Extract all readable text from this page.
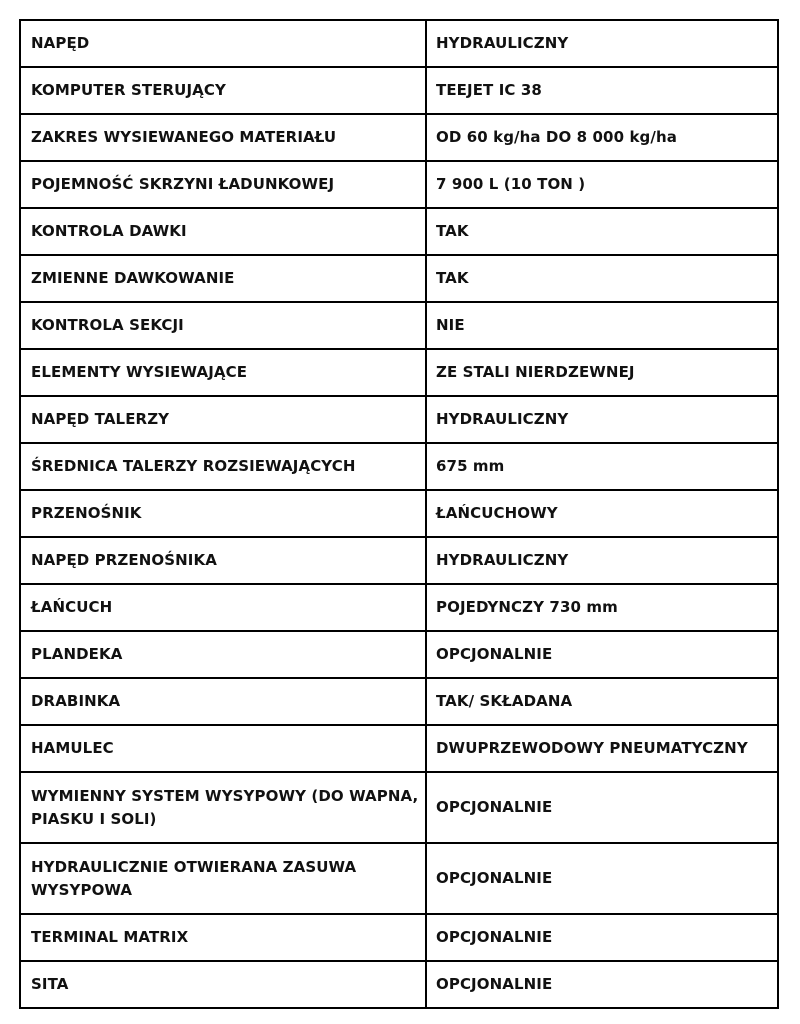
NAPĘD	HYDRAULICZNY
KOMPUTER STERUJĄCY	TEEJET IC 38
ZAKRES WYSIEWANEGO MATERIAŁU	OD 60 kg/ha DO 8 000 kg/ha
POJEMNOŚĆ SKRZYNI ŁADUNKOWEJ	7 900 L (10 TON )
KONTROLA DAWKI	TAK
ZMIENNE DAWKOWANIE	TAK
KONTROLA SEKCJI	NIE
ELEMENTY WYSIEWAJĄCE	ZE STALI NIERDZEWNEJ
NAPĘD TALERZY	HYDRAULICZNY
ŚREDNICA TALERZY ROZSIEWAJĄCYCH	675 mm
PRZENOŚNIK	ŁAŃCUCHOWY
NAPĘD PRZENOŚNIKA	HYDRAULICZNY
ŁAŃCUCH	POJEDYNCZY 730 mm
PLANDEKA	OPCJONALNIE
DRABINKA	TAK/ SKŁADANA
HAMULEC	DWUPRZEWODOWY PNEUMATYCZNY
WYMIENNY SYSTEM WYSYPOWY (DO WAPNA, PIASKU I SOLI)	OPCJONALNIE
HYDRAULICZNIE OTWIERANA ZASUWA WYSYPOWA	OPCJONALNIE
TERMINAL MATRIX	OPCJONALNIE
SITA	OPCJONALNIE
